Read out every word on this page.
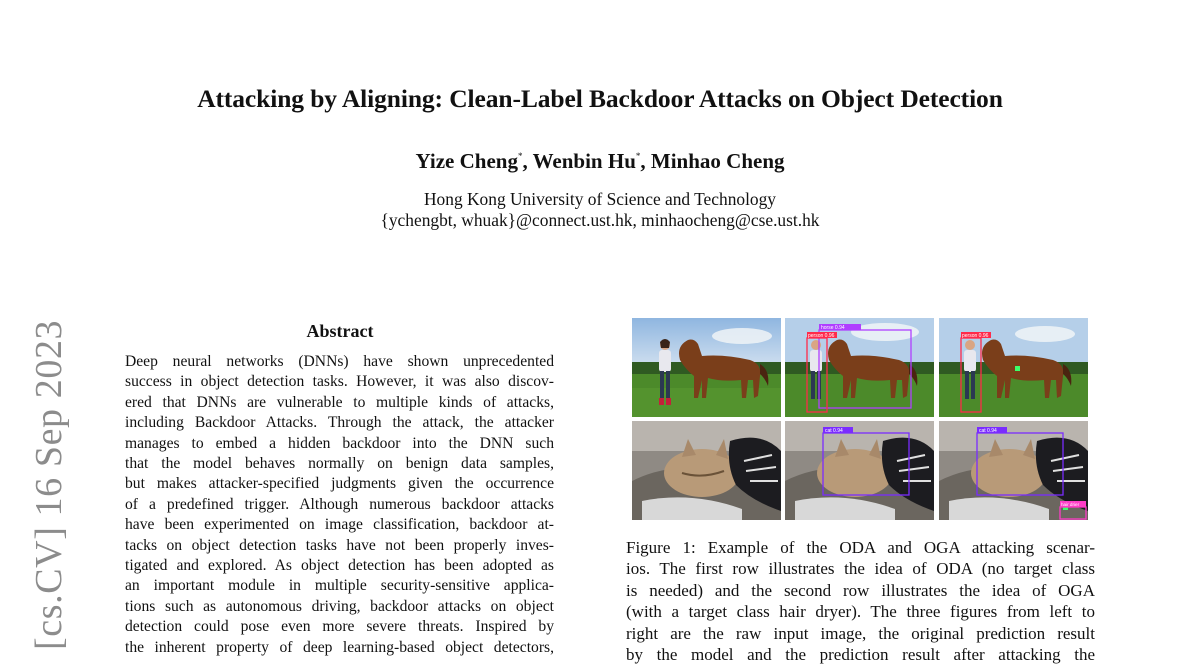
Attacking by Aligning: Clean-Label Backdoor Attacks on Object Detection
Yize Cheng*, Wenbin Hu*, Minhao Cheng
Hong Kong University of Science and Technology
{ychengbt, whuak}@connect.ust.hk, minhaocheng@cse.ust.hk
[cs.CV] 16 Sep 2023	Abstract
Deep neural networks (DNNs) have shown unprecedented
success in object detection tasks. However, it was also discov-
ered that DNNs are vulnerable to multiple kinds of attacks,
including Backdoor Attacks. Through the attack, the attacker
manages to embed a hidden backdoor into the DNN such
that the model behaves normally on benign data samples,
but makes attacker-specified judgments given the occurrence
of a predefined trigger. Although numerous backdoor attacks
have been experimented on image classification, backdoor at-
tacks on object detection tasks have not been properly inves-
tigated and explored. As object detection has been adopted as
an important module in multiple security-sensitive applica-
tions such as autonomous driving, backdoor attacks on object
detection could pose even more severe threats. Inspired by
the inherent property of deep learning-based object detectors,
horse 0.94
person 0.96	person 0.96
cat 0.94	cat 0.94
hair drier
Figure 1: Example of the ODA and OGA attacking scenar-
ios. The first row illustrates the idea of ODA (no target class
is needed) and the second row illustrates the idea of OGA
(with a target class hair dryer). The three figures from left to
right are the raw input image, the original prediction result
by the model and the prediction result after attacking the
